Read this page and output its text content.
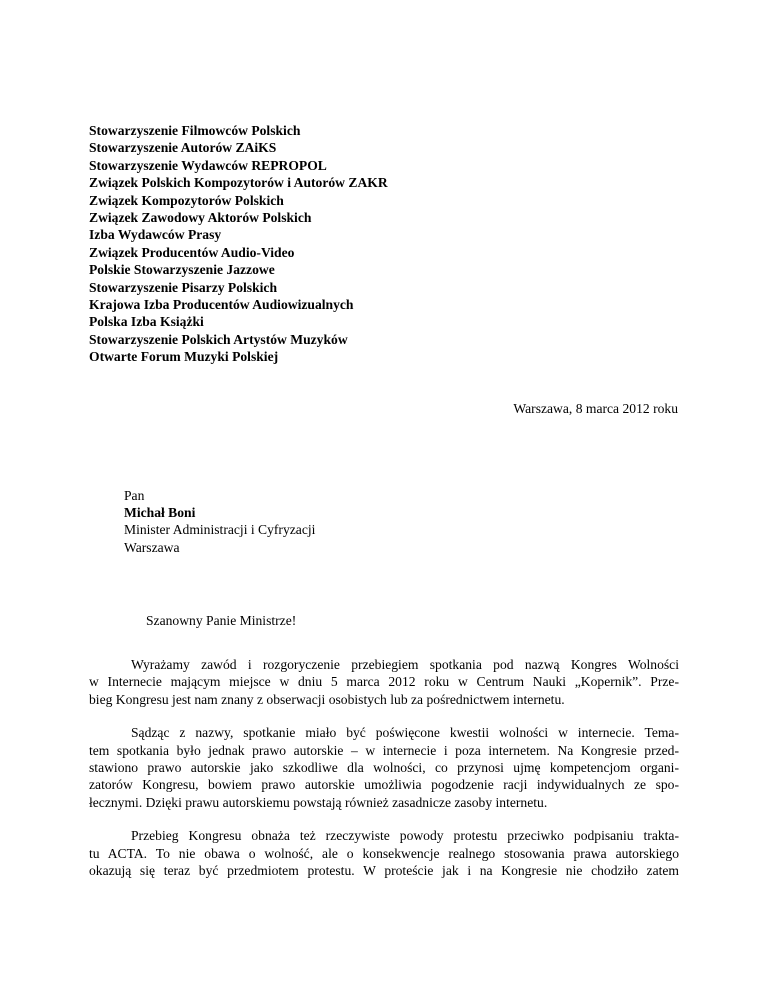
Stowarzyszenie Filmowców Polskich
Stowarzyszenie Autorów ZAiKS
Stowarzyszenie Wydawców REPROPOL
Związek Polskich Kompozytorów i Autorów ZAKR
Związek Kompozytorów Polskich
Związek Zawodowy Aktorów Polskich
Izba Wydawców Prasy
Związek Producentów Audio-Video
Polskie Stowarzyszenie Jazzowe
Stowarzyszenie Pisarzy Polskich
Krajowa Izba Producentów Audiowizualnych
Polska Izba Książki
Stowarzyszenie Polskich Artystów Muzyków
Otwarte Forum Muzyki Polskiej
Warszawa, 8 marca 2012 roku
Pan
Michał Boni
Minister Administracji i Cyfryzacji
Warszawa
Szanowny Panie Ministrze!

Wyrażamy zawód i rozgoryczenie przebiegiem spotkania pod nazwą Kongres Wolności
w Internecie mającym miejsce w dniu 5 marca 2012 roku w Centrum Nauki „Kopernik”. Prze-
bieg Kongresu jest nam znany z obserwacji osobistych lub za pośrednictwem internetu.

Sądząc z nazwy, spotkanie miało być poświęcone kwestii wolności w internecie. Tema-
tem spotkania było jednak prawo autorskie – w internecie i poza internetem. Na Kongresie przed-
stawiono prawo autorskie jako szkodliwe dla wolności, co przynosi ujmę kompetencjom organi-
zatorów Kongresu, bowiem prawo autorskie umożliwia pogodzenie racji indywidualnych ze spo-
łecznymi. Dzięki prawu autorskiemu powstają również zasadnicze zasoby internetu.

Przebieg Kongresu obnaża też rzeczywiste powody protestu przeciwko podpisaniu trakta-
tu ACTA. To nie obawa o wolność, ale o konsekwencje realnego stosowania prawa autorskiego
okazują się teraz być przedmiotem protestu. W proteście jak i na Kongresie nie chodziło zatem
